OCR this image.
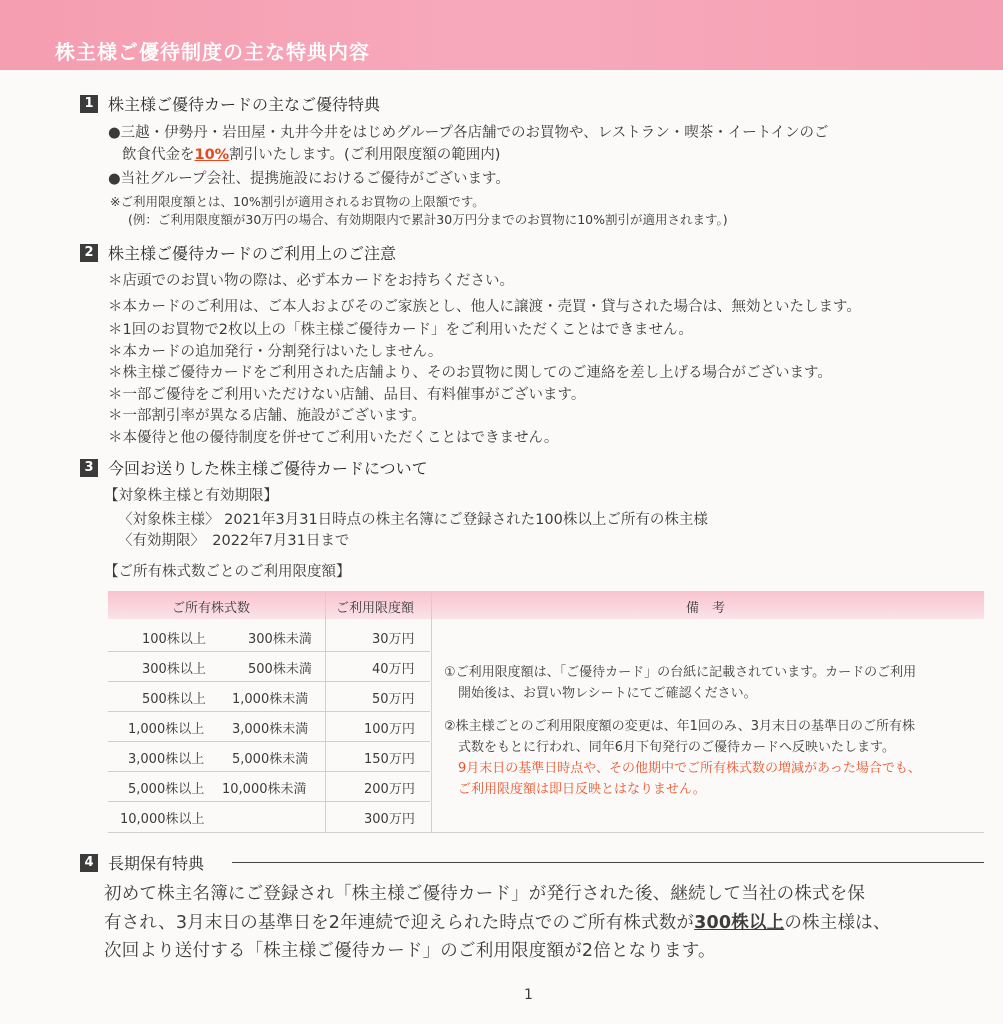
株主様ご優待制度の主な特典内容
1 株主様ご優待カードの主なご優待特典
●三越・伊勢丹・岩田屋・丸井今井をはじめグループ各店舗でのお買物や、レストラン・喫茶・イートインのご
飲食代金を10%割引いたします。(ご利用限度額の範囲内)
●当社グループ会社、提携施設におけるご優待がございます。
※ご利用限度額とは、10%割引が適用されるお買物の上限額です。
(例：ご利用限度額が30万円の場合、有効期限内で累計30万円分までのお買物に10%割引が適用されます。)
2 株主様ご優待カードのご利用上のご注意
＊店頭でのお買い物の際は、必ず本カードをお持ちください。
＊本カードのご利用は、ご本人およびそのご家族とし、他人に譲渡・売買・貸与された場合は、無効といたします。
＊1回のお買物で2枚以上の「株主様ご優待カード」をご利用いただくことはできません。
＊本カードの追加発行・分割発行はいたしません。
＊株主様ご優待カードをご利用された店舗より、そのお買物に関してのご連絡を差し上げる場合がございます。
＊一部ご優待をご利用いただけない店舗、品目、有料催事がございます。
＊一部割引率が異なる店舗、施設がございます。
＊本優待と他の優待制度を併せてご利用いただくことはできません。
3 今回お送りした株主様ご優待カードについて
【対象株主様と有効期限】
〈対象株主様〉 2021年3月31日時点の株主名簿にご登録された100株以上ご所有の株主様
〈有効期限〉　2022年7月31日まで
【ご所有株式数ごとのご利用限度額】
ご所有株式数	ご利用限度額	備　考
100株以上	300株未満	30万円
300株以上	500株未満	40万円
500株以上 1,000株未満	50万円
1,000株以上 3,000株未満	100万円
3,000株以上 5,000株未満	150万円
5,000株以上 10,000株未満	200万円
10,000株以上	300万円
①ご利用限度額は、「ご優待カード」の台紙に記載されています。カードのご利用
開始後は、お買い物レシートにてご確認ください。
②株主様ごとのご利用限度額の変更は、年1回のみ、3月末日の基準日のご所有株
式数をもとに行われ、同年6月下旬発行のご優待カードへ反映いたします。
9月末日の基準日時点や、その他期中でご所有株式数の増減があった場合でも、
ご利用限度額は即日反映とはなりません。
4 長期保有特典
初めて株主名簿にご登録され「株主様ご優待カード」が発行された後、継続して当社の株式を保
有され、3月末日の基準日を2年連続で迎えられた時点でのご所有株式数が300株以上の株主様は、
次回より送付する「株主様ご優待カード」のご利用限度額が2倍となります。
1
